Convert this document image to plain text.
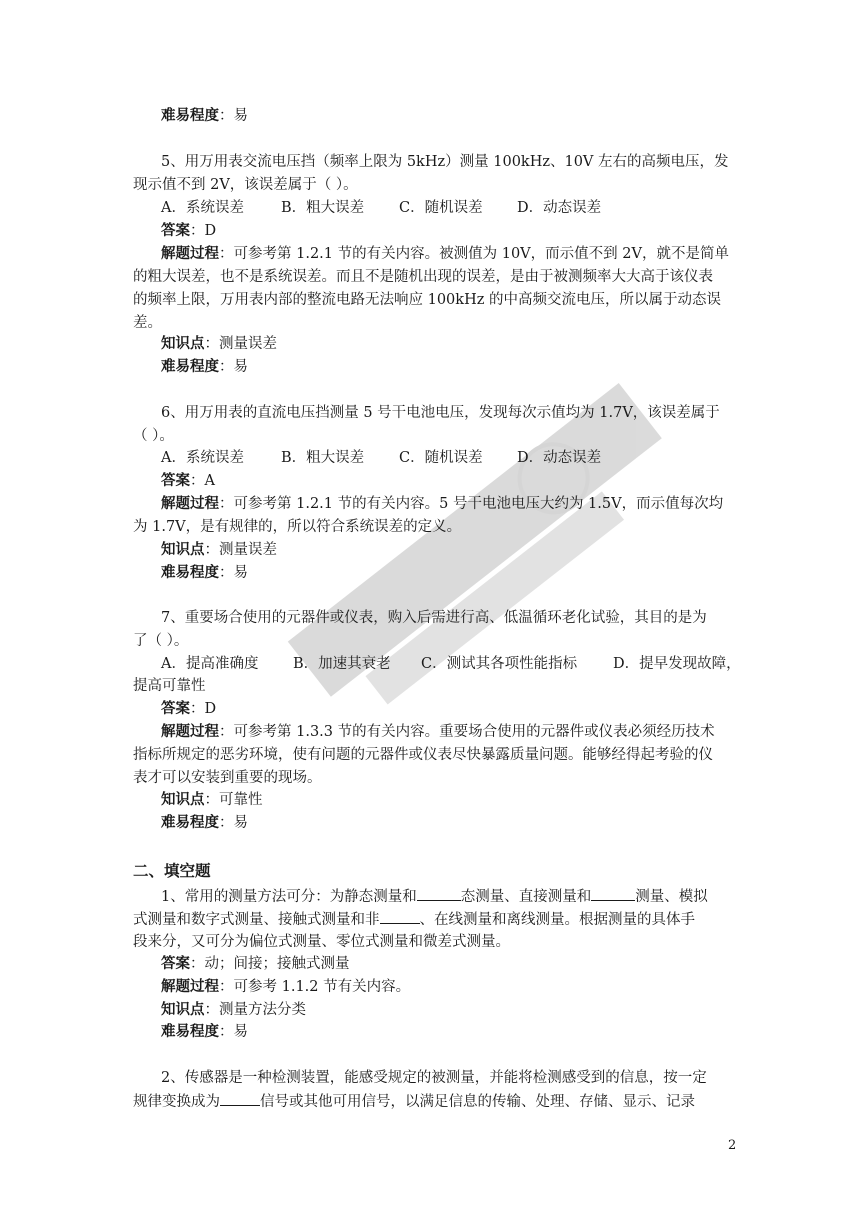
难易程度：易
5、用万用表交流电压挡（频率上限为 5kHz）测量 100kHz、10V 左右的高频电压，发
现示值不到 2V，该误差属于（ ）。
A．系统误差	B．粗大误差 C．随机误差 D．动态误差
答案：D
解题过程：可参考第 1.2.1 节的有关内容。被测值为 10V，而示值不到 2V，就不是简单
的粗大误差，也不是系统误差。而且不是随机出现的误差，是由于被测频率大大高于该仪表
的频率上限，万用表内部的整流电路无法响应 100kHz 的中高频交流电压，所以属于动态误
差。
知识点：测量误差
难易程度：易
6、用万用表的直流电压挡测量 5 号干电池电压，发现每次示值均为 1.7V，该误差属于
（ ）。
A．系统误差	B．粗大误差 C．随机误差 D．动态误差
答案：A
解题过程：可参考第 1.2.1 节的有关内容。5 号干电池电压大约为 1.5V，而示值每次均
为 1.7V，是有规律的，所以符合系统误差的定义。
知识点：测量误差
难易程度：易
7、重要场合使用的元器件或仪表，购入后需进行高、低温循环老化试验，其目的是为
了（ ）。
A．提高准确度 B．加速其衰老 C．测试其各项性能指标 D．提早发现故障，
提高可靠性
答案：D
解题过程：可参考第 1.3.3 节的有关内容。重要场合使用的元器件或仪表必须经历技术
指标所规定的恶劣环境，使有问题的元器件或仪表尽快暴露质量问题。能够经得起考验的仪
表才可以安装到重要的现场。
知识点：可靠性
难易程度：易
二、填空题
1、常用的测量方法可分：为静态测量和	态测量、直接测量和	测量、模拟
式测量和数字式测量、接触式测量和非	、在线测量和离线测量。根据测量的具体手
段来分，又可分为偏位式测量、零位式测量和微差式测量。
答案：动；间接；接触式测量
解题过程：可参考 1.1.2 节有关内容。
知识点：测量方法分类
难易程度：易
2、传感器是一种检测装置，能感受规定的被测量，并能将检测感受到的信息，按一定
规律变换成为	信号或其他可用信号，以满足信息的传输、处理、存储、显示、记录
2
